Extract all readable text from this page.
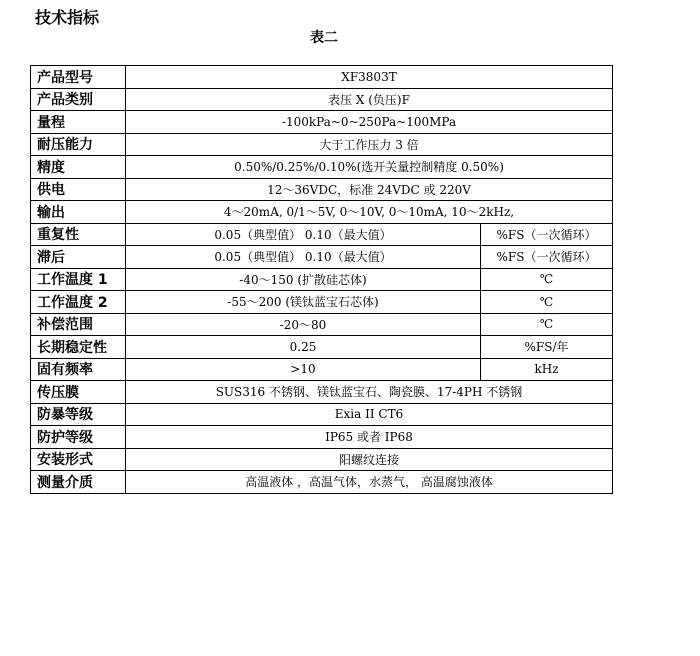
技术指标
表二
产品型号	XF3803T	
产品类别	表压 X (负压)F	
量程	-100kPa~0~250Pa~100MPa	
耐压能力	大于工作压力 3 倍	
精度	0.50%/0.25%/0.10%(选开关量控制精度 0.50%)	
供电	12～36VDC，标准 24VDC 或 220V	
输出	4～20mA, 0/1～5V, 0～10V, 0～10mA, 10～2kHz,	
重复性	0.05（典型值） 0.10（最大值）	%FS（一次循环）
滞后	0.05（典型值） 0.10（最大值）	%FS（一次循环）
工作温度 1	-40～150 (扩散硅芯体)	℃
工作温度 2	-55～200 (镁钛蓝宝石芯体)	℃
补偿范围	-20～80	℃
长期稳定性	0.25	%FS/年
固有频率	>10	kHz
传压膜	SUS316 不锈钢、镁钛蓝宝石、陶瓷膜、17-4PH 不锈钢	
防暴等级	Exia II CT6	
防护等级	IP65 或者 IP68	
安装形式	阳螺纹连接	
测量介质	高温液体 ，高温气体，水蒸气， 高温腐蚀液体	
